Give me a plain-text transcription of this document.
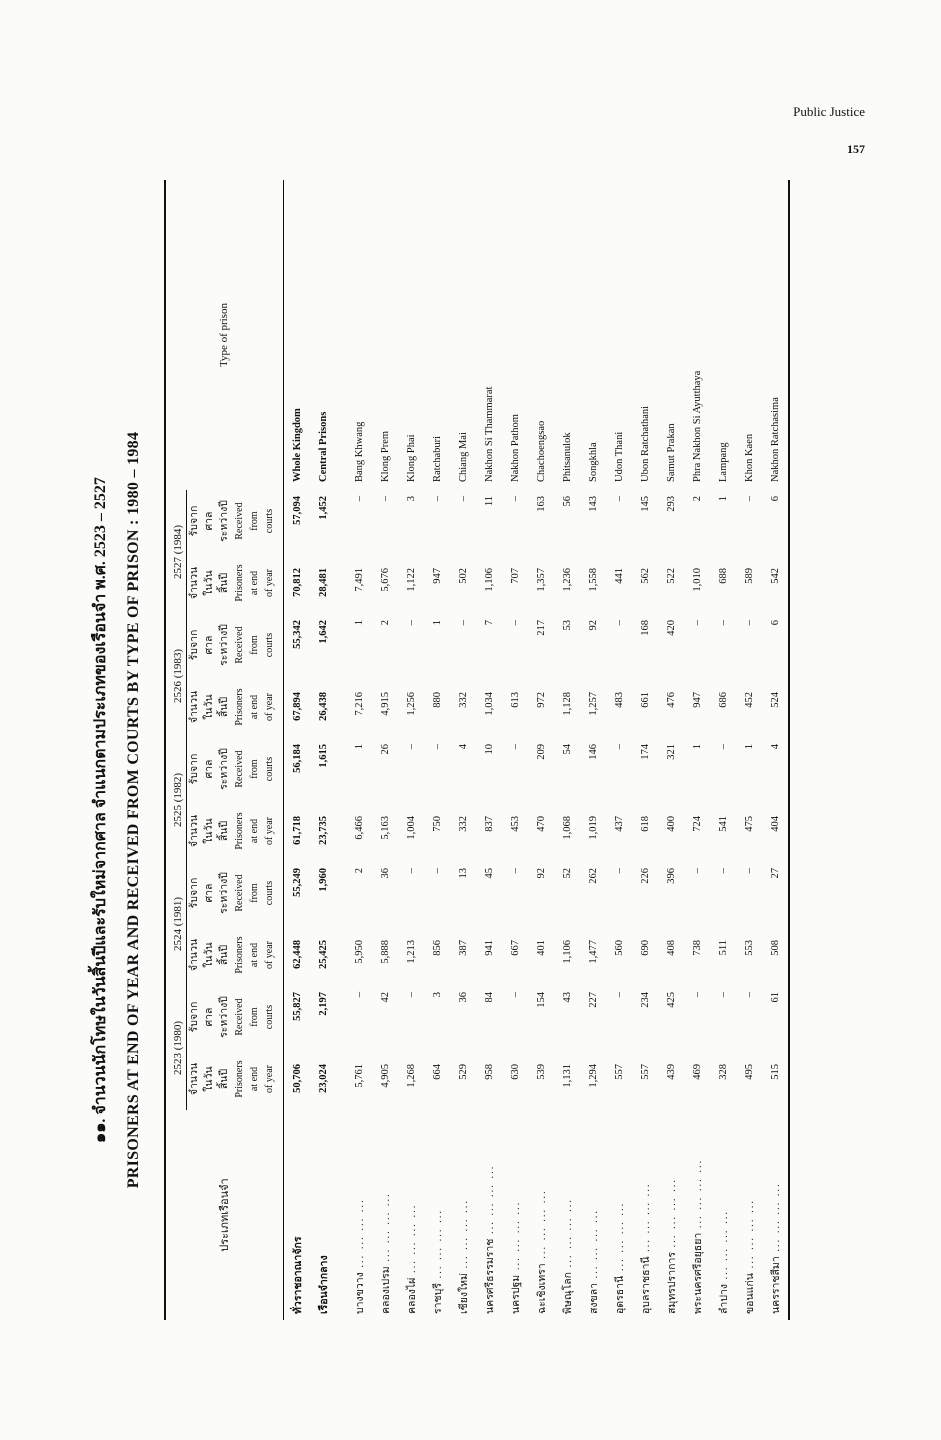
Public Justice
157
๑๑. จำนวนนักโทษในวันสิ้นปีและรับใหม่จากศาล จำแนกตามประเภทของเรือนจำ พ.ศ. 2523 – 2527 PRISONERS AT END OF YEAR AND RECEIVED FROM COURTS BY TYPE OF PRISON : 1980 – 1984

ประเภทเรือนจำ	2523 (1980)		2524 (1981)		2525 (1982)		2526 (1983)		2527 (1984)		Type of prison
	จำนวน	รับจาก	จำนวน	รับจาก	จำนวน	รับจาก	จำนวน	รับจาก	จำนวน	รับจาก	
	ในวัน	ศาล	ในวัน	ศาล	ในวัน	ศาล	ในวัน	ศาล	ในวัน	ศาล	
	สิ้นปี	ระหว่างปี	สิ้นปี	ระหว่างปี	สิ้นปี	ระหว่างปี	สิ้นปี	ระหว่างปี	สิ้นปี	ระหว่างปี	
	Prisoners	Received	Prisoners	Received	Prisoners	Received	Prisoners	Received	Prisoners	Received	
	at end	from	at end	from	at end	from	at end	from	at end	from	
	of year	courts	of year	courts	of year	courts	of year	courts	of year	courts	

ทั่วราชอาณาจักร	50,706	55,827	62,448	55,249	61,718	56,184	67,894	55,342	70,812	57,094	Whole Kingdom
เรือนจำกลาง	23,024	2,197	25,425	1,960	23,735	1,615	26,438	1,642	28,481	1,452	Central Prisons

บางขวาง ... ... ... ...	5,761	–	5,950	2	6,466	1	7,216	1	7,491	–	Bang Khwang
คลองเปรม ... ... ... ...	4,905	42	5,888	36	5,163	26	4,915	2	5,676	–	Klong Prem
คลองไผ่ ... ... ... ...	1,268	–	1,213	–	1,004	–	1,256	–	1,122	3	Klong Phai
ราชบุรี ... ... ... ...	664	3	856	–	750	–	880	1	947	–	Ratchaburi
เชียงใหม่ ... ... ... ...	529	36	387	13	332	4	332	–	502	–	Chiang Mai
นครศรีธรรมราช ... ... ... ...	958	84	941	45	837	10	1,034	7	1,106	11	Nakhon Si Thammarat
นครปฐม ... ... ... ...	630	–	667	–	453	–	613	–	707	–	Nakhon Pathom
ฉะเชิงเทรา ... ... ... ...	539	154	401	92	470	209	972	217	1,357	163	Chachoengsao
พิษณุโลก ... ... ... ...	1,131	43	1,106	52	1,068	54	1,128	53	1,236	56	Phitsanulok
สงขลา ... ... ... ...	1,294	227	1,477	262	1,019	146	1,257	92	1,558	143	Songkhla
อุดรธานี ... ... ... ...	557	–	560	–	437	–	483	–	441	–	Udon Thani
อุบลราชธานี ... ... ... ...	557	234	690	226	618	174	661	168	562	145	Ubon Ratchathani
สมุทรปราการ ... ... ... ...	439	425	408	396	400	321	476	420	522	293	Samut Prakan
พระนครศรีอยุธยา ... ... ... ...	469	–	738	–	724	1	947	–	1,010	2	Phra Nakhon Si Ayutthaya
ลำปาง ... ... ... ...	328	–	511	–	541	–	686	–	688	1	Lampang
ขอนแก่น ... ... ... ...	495	–	553	–	475	1	452	–	589	–	Khon Kaen
นครราชสีมา ... ... ... ...	515	61	508	27	404	4	524	6	542	6	Nakhon Ratchasima
